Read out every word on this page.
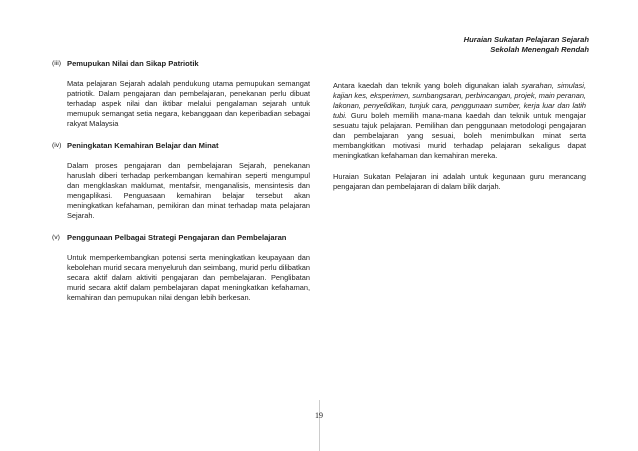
Huraian Sukatan Pelajaran Sejarah
Sekolah Menengah Rendah
(iii) Pemupukan Nilai dan Sikap Patriotik
Mata pelajaran Sejarah adalah pendukung utama pemupukan semangat patriotik. Dalam pengajaran dan pembelajaran, penekanan perlu dibuat terhadap aspek nilai dan iktibar melalui pengalaman sejarah untuk memupuk semangat setia negara, kebanggaan dan keperibadian sebagai rakyat Malaysia
(iv) Peningkatan Kemahiran Belajar dan Minat
Dalam proses pengajaran dan pembelajaran Sejarah, penekanan haruslah diberi terhadap perkembangan kemahiran seperti mengumpul dan mengklaskan maklumat, mentafsir, menganalisis, mensintesis dan mengaplikasi. Penguasaan kemahiran belajar tersebut akan meningkatkan kefahaman, pemikiran dan minat terhadap mata pelajaran Sejarah.
(v) Penggunaan Pelbagai Strategi Pengajaran dan Pembelajaran
Untuk memperkembangkan potensi serta meningkatkan keupayaan dan kebolehan murid secara menyeluruh dan seimbang, murid perlu dilibatkan secara aktif dalam aktiviti pengajaran dan pembelajaran. Penglibatan murid secara aktif dalam pembelajaran dapat meningkatkan kefahaman, kemahiran dan pemupukan nilai dengan lebih berkesan.
Antara kaedah dan teknik yang boleh digunakan ialah syarahan, simulasi, kajian kes, eksperimen, sumbangsaran, perbincangan, projek, main peranan, lakonan, penyelidikan, tunjuk cara, penggunaan sumber, kerja luar dan latih tubi. Guru boleh memilih mana-mana kaedah dan teknik untuk mengajar sesuatu tajuk pelajaran. Pemilihan dan penggunaan metodologi pengajaran dan pembelajaran yang sesuai, boleh menimbulkan minat serta membangkitkan motivasi murid terhadap pelajaran sekaligus dapat meningkatkan kefahaman dan kemahiran mereka.
Huraian Sukatan Pelajaran ini adalah untuk kegunaan guru merancang pengajaran dan pembelajaran di dalam bilik darjah.
19
